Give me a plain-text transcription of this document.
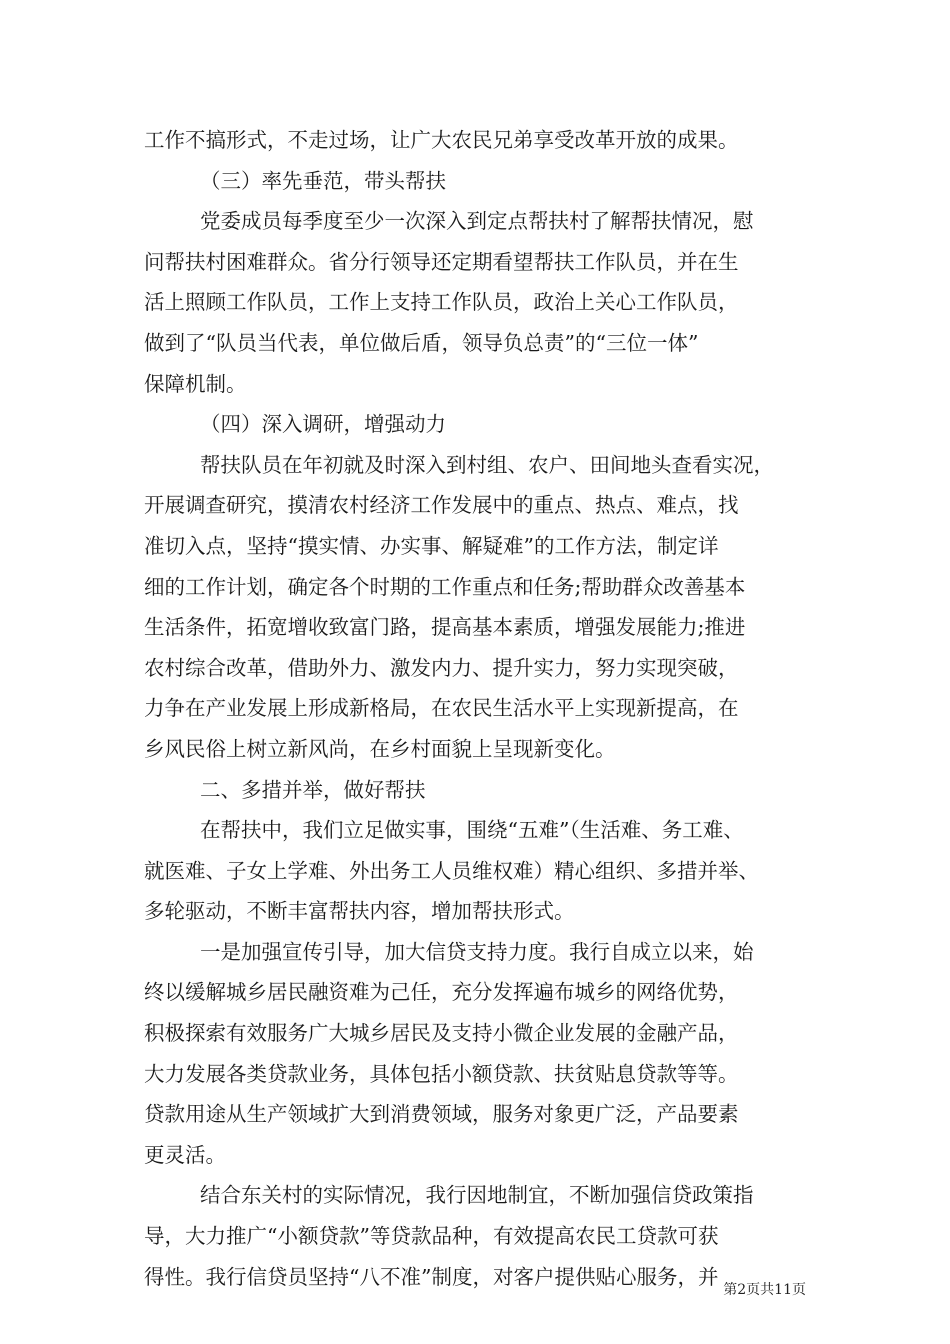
工作不搞形式，不走过场，让广大农民兄弟享受改革开放的成果。
（三）率先垂范，带头帮扶
党委成员每季度至少一次深入到定点帮扶村了解帮扶情况，慰
问帮扶村困难群众。省分行领导还定期看望帮扶工作队员，并在生
活上照顾工作队员，工作上支持工作队员，政治上关心工作队员，
做到了“队员当代表，单位做后盾，领导负总责”的“三位一体”
保障机制。
（四）深入调研，增强动力
帮扶队员在年初就及时深入到村组、农户、田间地头查看实况，
开展调查研究，摸清农村经济工作发展中的重点、热点、难点，找
准切入点，坚持“摸实情、办实事、解疑难”的工作方法，制定详
细的工作计划，确定各个时期的工作重点和任务;帮助群众改善基本
生活条件，拓宽增收致富门路，提高基本素质，增强发展能力;推进
农村综合改革，借助外力、激发内力、提升实力，努力实现突破，
力争在产业发展上形成新格局，在农民生活水平上实现新提高，在
乡风民俗上树立新风尚，在乡村面貌上呈现新变化。
二、多措并举，做好帮扶
在帮扶中，我们立足做实事，围绕“五难”（生活难、务工难、
就医难、子女上学难、外出务工人员维权难）精心组织、多措并举、
多轮驱动，不断丰富帮扶内容，增加帮扶形式。
一是加强宣传引导，加大信贷支持力度。我行自成立以来，始
终以缓解城乡居民融资难为己任，充分发挥遍布城乡的网络优势，
积极探索有效服务广大城乡居民及支持小微企业发展的金融产品，
大力发展各类贷款业务，具体包括小额贷款、扶贫贴息贷款等等。
贷款用途从生产领域扩大到消费领域，服务对象更广泛，产品要素
更灵活。
结合东关村的实际情况，我行因地制宜，不断加强信贷政策指
导，大力推广“小额贷款”等贷款品种，有效提高农民工贷款可获
得性。我行信贷员坚持“八不准”制度，对客户提供贴心服务，并
第2页共11页
